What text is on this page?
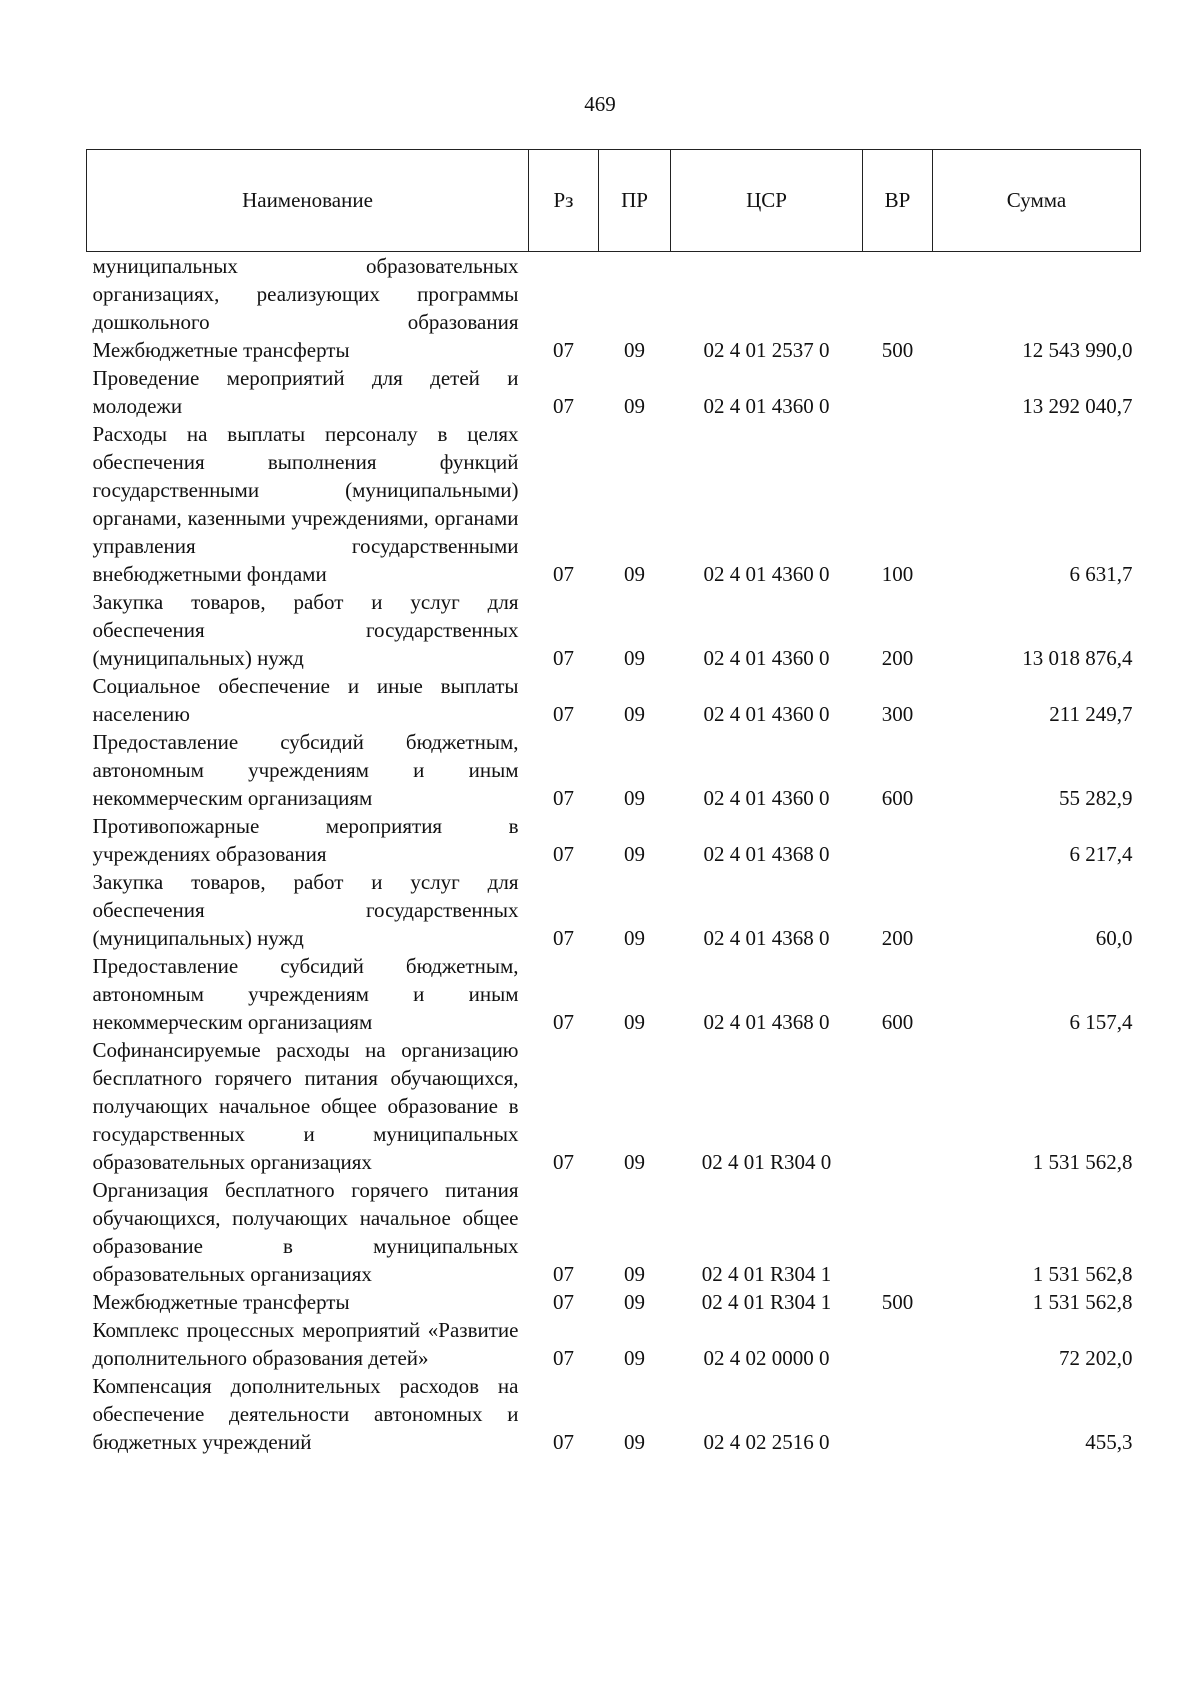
469
Наименование	Рз	ПР	ЦСР	ВР	Сумма
муниципальных образовательных организациях, реализующих программы дошкольного образования					
Межбюджетные трансферты	07	09	02 4 01 2537 0	500	12 543 990,0
Проведение мероприятий для детей и молодежи	07	09	02 4 01 4360 0		13 292 040,7
Расходы на выплаты персоналу в целях обеспечения выполнения функций государственными (муниципальными) органами, казенными учреждениями, органами управления государственными внебюджетными фондами	07	09	02 4 01 4360 0	100	6 631,7
Закупка товаров, работ и услуг для обеспечения государственных (муниципальных) нужд	07	09	02 4 01 4360 0	200	13 018 876,4
Социальное обеспечение и иные выплаты населению	07	09	02 4 01 4360 0	300	211 249,7
Предоставление субсидий бюджетным, автономным учреждениям и иным некоммерческим организациям	07	09	02 4 01 4360 0	600	55 282,9
Противопожарные мероприятия в учреждениях образования	07	09	02 4 01 4368 0		6 217,4
Закупка товаров, работ и услуг для обеспечения государственных (муниципальных) нужд	07	09	02 4 01 4368 0	200	60,0
Предоставление субсидий бюджетным, автономным учреждениям и иным некоммерческим организациям	07	09	02 4 01 4368 0	600	6 157,4
Софинансируемые расходы на организацию бесплатного горячего питания обучающихся, получающих начальное общее образование в государственных и муниципальных образовательных организациях	07	09	02 4 01 R304 0		1 531 562,8
Организация бесплатного горячего питания обучающихся, получающих начальное общее образование в муниципальных образовательных организациях	07	09	02 4 01 R304 1		1 531 562,8
Межбюджетные трансферты	07	09	02 4 01 R304 1	500	1 531 562,8
Комплекс процессных мероприятий «Развитие дополнительного образования детей»	07	09	02 4 02 0000 0		72 202,0
Компенсация дополнительных расходов на обеспечение деятельности автономных и бюджетных учреждений	07	09	02 4 02 2516 0		455,3
